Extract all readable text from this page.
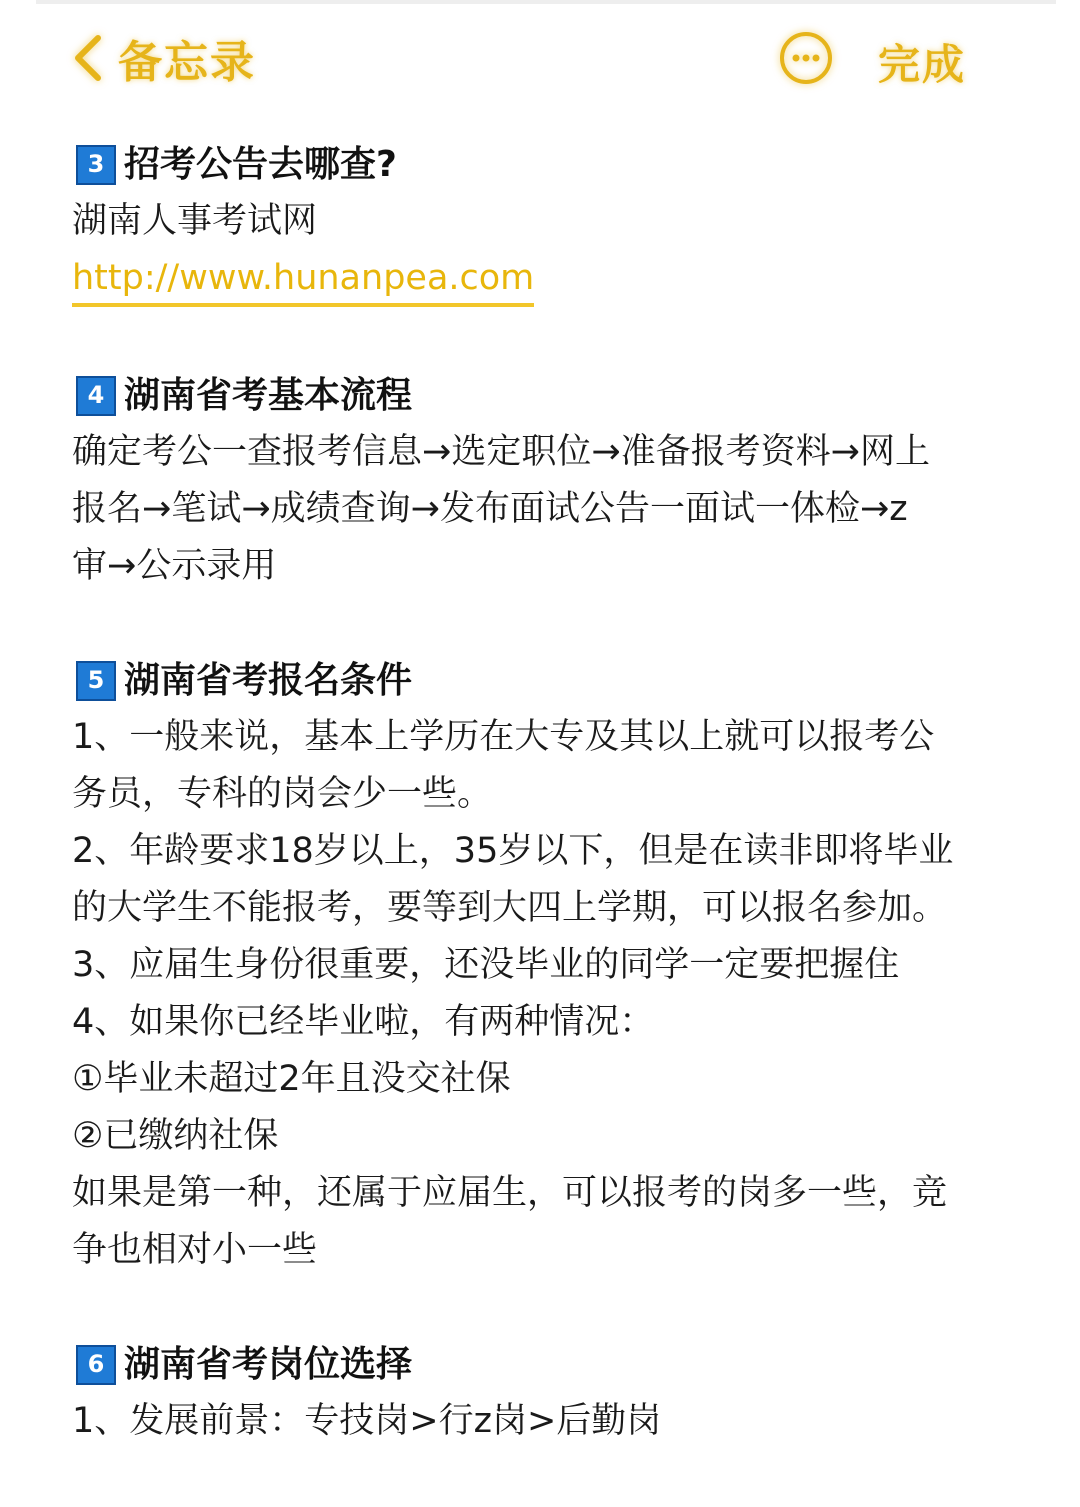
备忘录	完成
3 招考公告去哪查?
湖南人事考试网
http://www.hunanpea.com
4 湖南省考基本流程
确定考公一查报考信息→选定职位→准备报考资料→网上
报名→笔试→成绩查询→发布面试公告一面试一体检→z
审→公示录用
5 湖南省考报名条件
1、一般来说，基本上学历在大专及其以上就可以报考公
务员，专科的岗会少一些。
2、年龄要求18岁以上，35岁以下，但是在读非即将毕业
的大学生不能报考，要等到大四上学期，可以报名参加。
3、应届生身份很重要，还没毕业的同学一定要把握住
4、如果你已经毕业啦，有两种情况：
①毕业未超过2年且没交社保
②已缴纳社保
如果是第一种，还属于应届生，可以报考的岗多一些，竞
争也相对小一些
6 湖南省考岗位选择
1、发展前景：专技岗>行z岗>后勤岗
